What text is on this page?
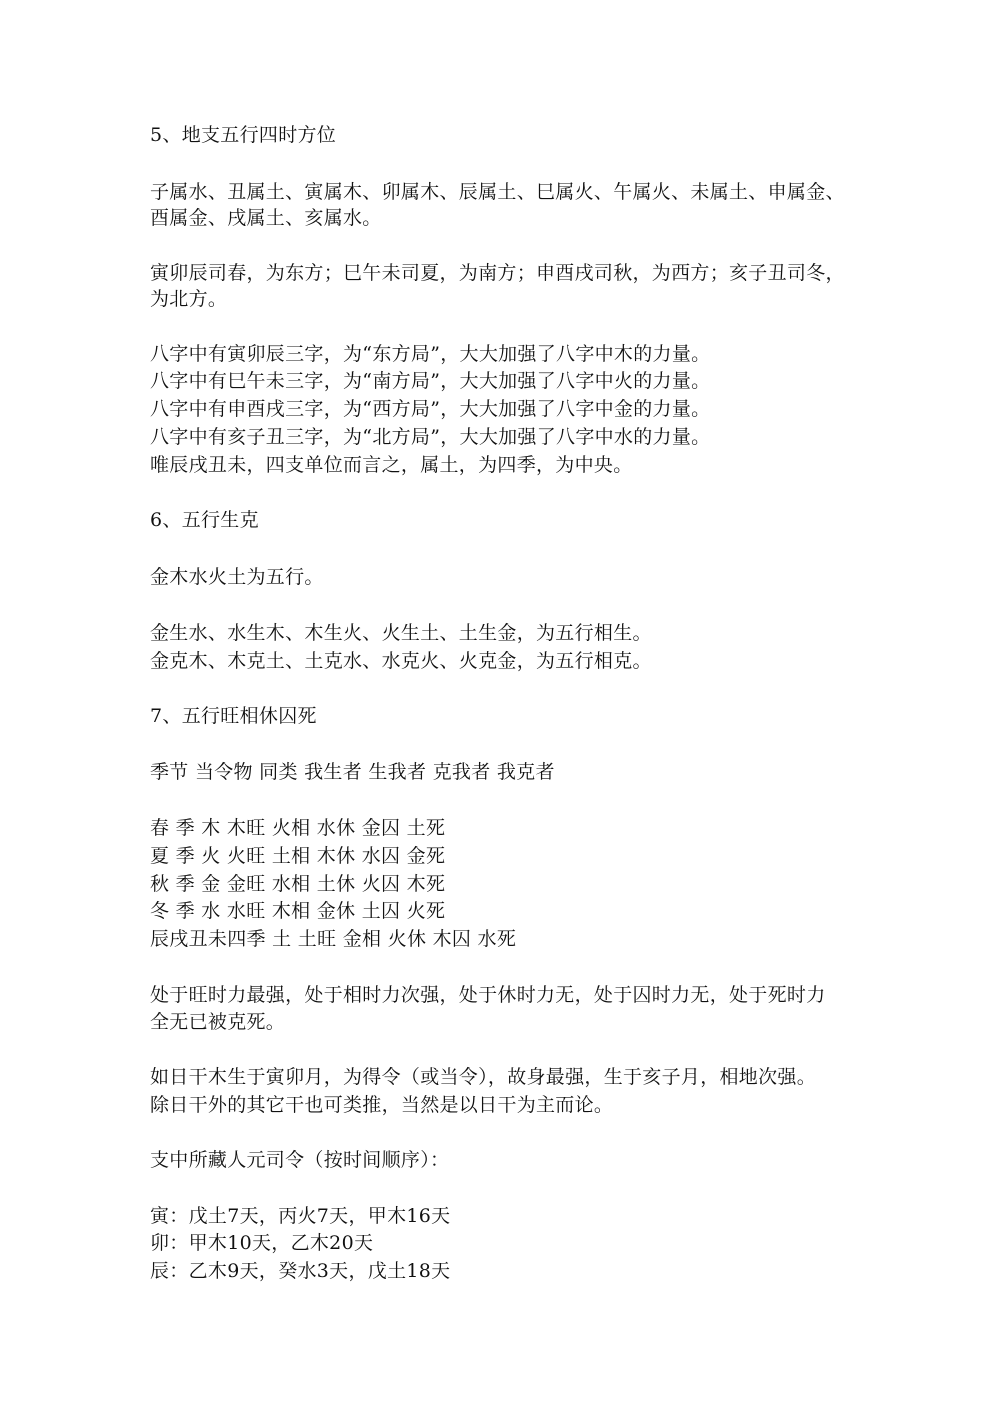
5、地支五行四时方位
子属水、丑属土、寅属木、卯属木、辰属土、巳属火、午属火、未属土、申属金、
酉属金、戌属土、亥属水。
寅卯辰司春，为东方；巳午未司夏，为南方；申酉戌司秋，为西方；亥子丑司冬，
为北方。
八字中有寅卯辰三字，为“东方局”，大大加强了八字中木的力量。
八字中有巳午未三字，为“南方局”，大大加强了八字中火的力量。
八字中有申酉戌三字，为“西方局”，大大加强了八字中金的力量。
八字中有亥子丑三字，为“北方局”，大大加强了八字中水的力量。
唯辰戌丑未，四支单位而言之，属土，为四季，为中央。
6、五行生克
金木水火土为五行。
金生水、水生木、木生火、火生土、土生金，为五行相生。
金克木、木克土、土克水、水克火、火克金，为五行相克。
7、五行旺相休囚死
季节 当令物 同类 我生者 生我者 克我者 我克者
春 季 木 木旺 火相 水休 金囚 土死
夏 季 火 火旺 土相 木休 水囚 金死
秋 季 金 金旺 水相 土休 火囚 木死
冬 季 水 水旺 木相 金休 土囚 火死
辰戌丑未四季 土 土旺 金相 火休 木囚 水死
处于旺时力最强，处于相时力次强，处于休时力无，处于囚时力无，处于死时力
全无已被克死。
如日干木生于寅卯月，为得令（或当令），故身最强，生于亥子月，相地次强。
除日干外的其它干也可类推，当然是以日干为主而论。
支中所藏人元司令（按时间顺序）：
寅：戊土7天，丙火7天，甲木16天
卯：甲木10天，乙木20天
辰：乙木9天，癸水3天，戊土18天
